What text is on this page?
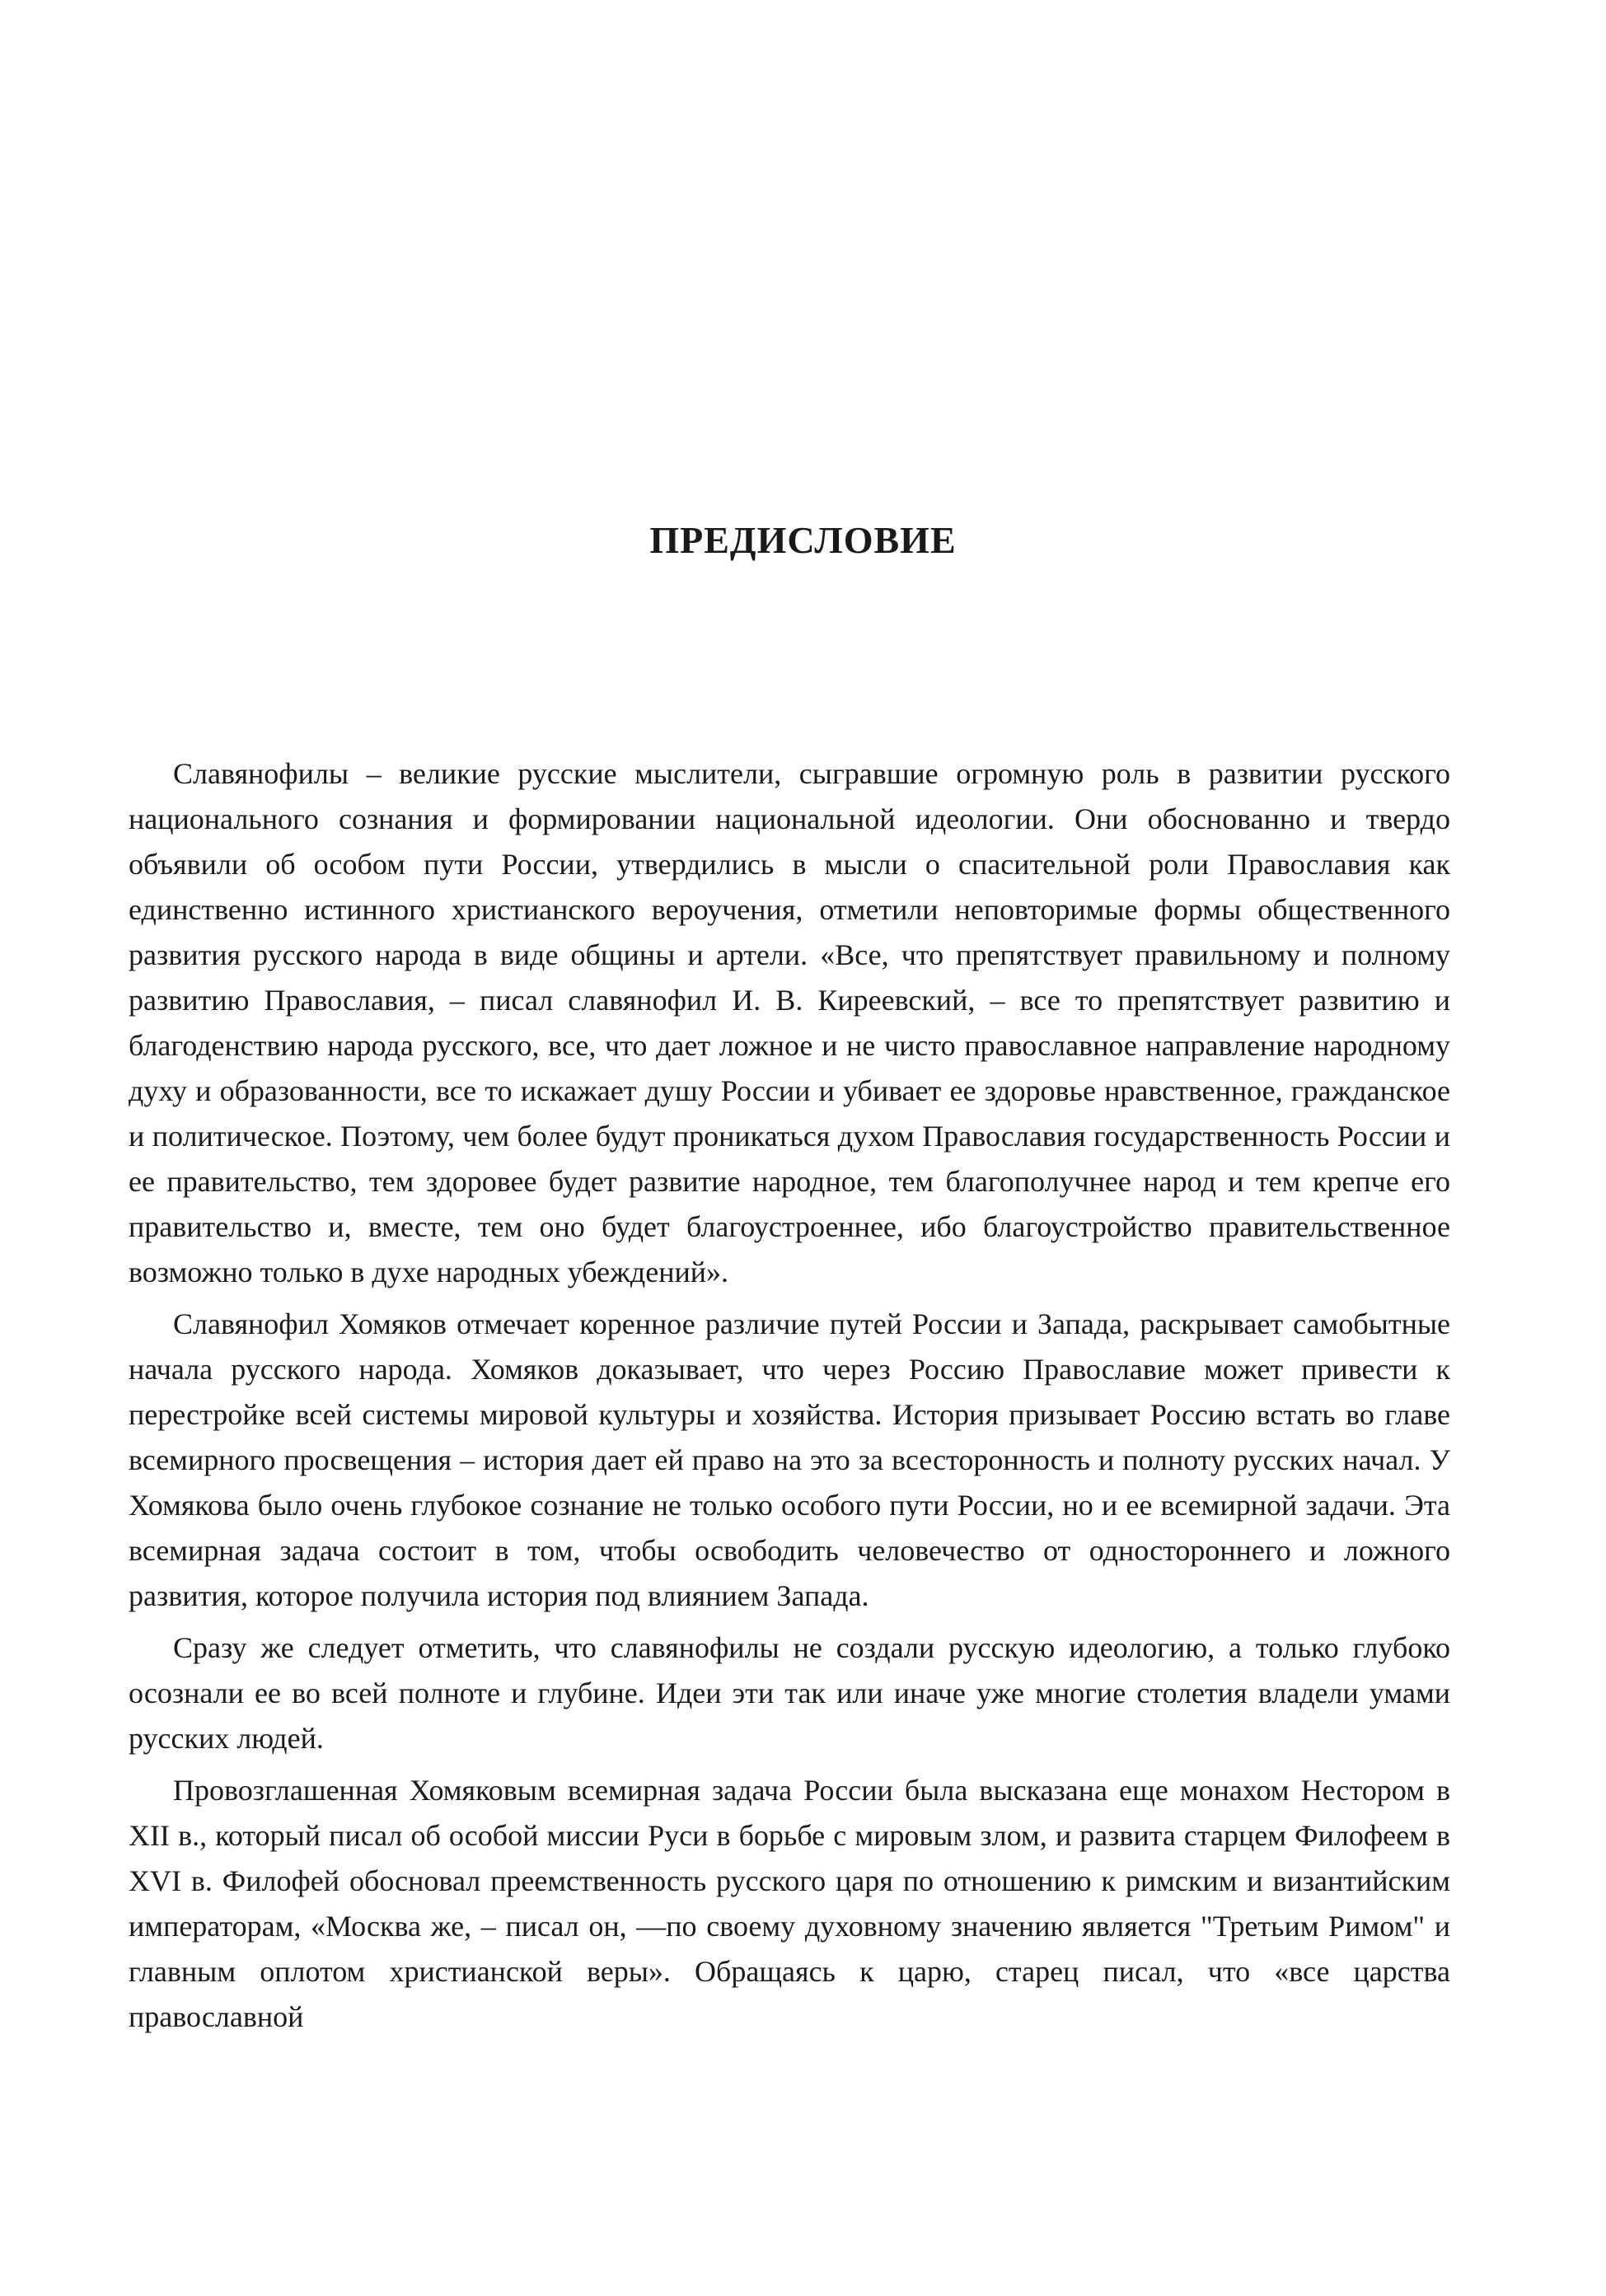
ПРЕДИСЛОВИЕ

Славянофилы – великие русские мыслители, сыгравшие огромную роль в развитии русского национального сознания и формировании национальной идеологии. Они обоснованно и твердо объявили об особом пути России, утвердились в мысли о спасительной роли Православия как единственно истинного христианского вероучения, отметили неповторимые формы общественного развития русского народа в виде общины и артели. «Все, что препятствует правильному и полному развитию Православия, – писал славянофил И. В. Киреевский, – все то препятствует развитию и благоденствию народа русского, все, что дает ложное и не чисто православное направление народному духу и образованности, все то искажает душу России и убивает ее здоровье нравственное, гражданское и политическое. Поэтому, чем более будут проникаться духом Православия государственность России и ее правительство, тем здоровее будет развитие народное, тем благополучнее народ и тем крепче его правительство и, вместе, тем оно будет благоустроеннее, ибо благоустройство правительственное возможно только в духе народных убеждений».

Славянофил Хомяков отмечает коренное различие путей России и Запада, раскрывает самобытные начала русского народа. Хомяков доказывает, что через Россию Православие может привести к перестройке всей системы мировой культуры и хозяйства. История призывает Россию встать во главе всемирного просвещения – история дает ей право на это за всесторонность и полноту русских начал. У Хомякова было очень глубокое сознание не только особого пути России, но и ее всемирной задачи. Эта всемирная задача состоит в том, чтобы освободить человечество от одностороннего и ложного развития, которое получила история под влиянием Запада.

Сразу же следует отметить, что славянофилы не создали русскую идеологию, а только глубоко осознали ее во всей полноте и глубине. Идеи эти так или иначе уже многие столетия владели умами русских людей.

Провозглашенная Хомяковым всемирная задача России была высказана еще монахом Нестором в XII в., который писал об особой миссии Руси в борьбе с мировым злом, и развита старцем Филофеем в XVI в. Филофей обосновал преемственность русского царя по отношению к римским и византийским императорам, «Москва же, – писал он, —по своему духовному значению является "Третьим Римом" и главным оплотом христианской веры». Обращаясь к царю, старец писал, что «все царства православной
